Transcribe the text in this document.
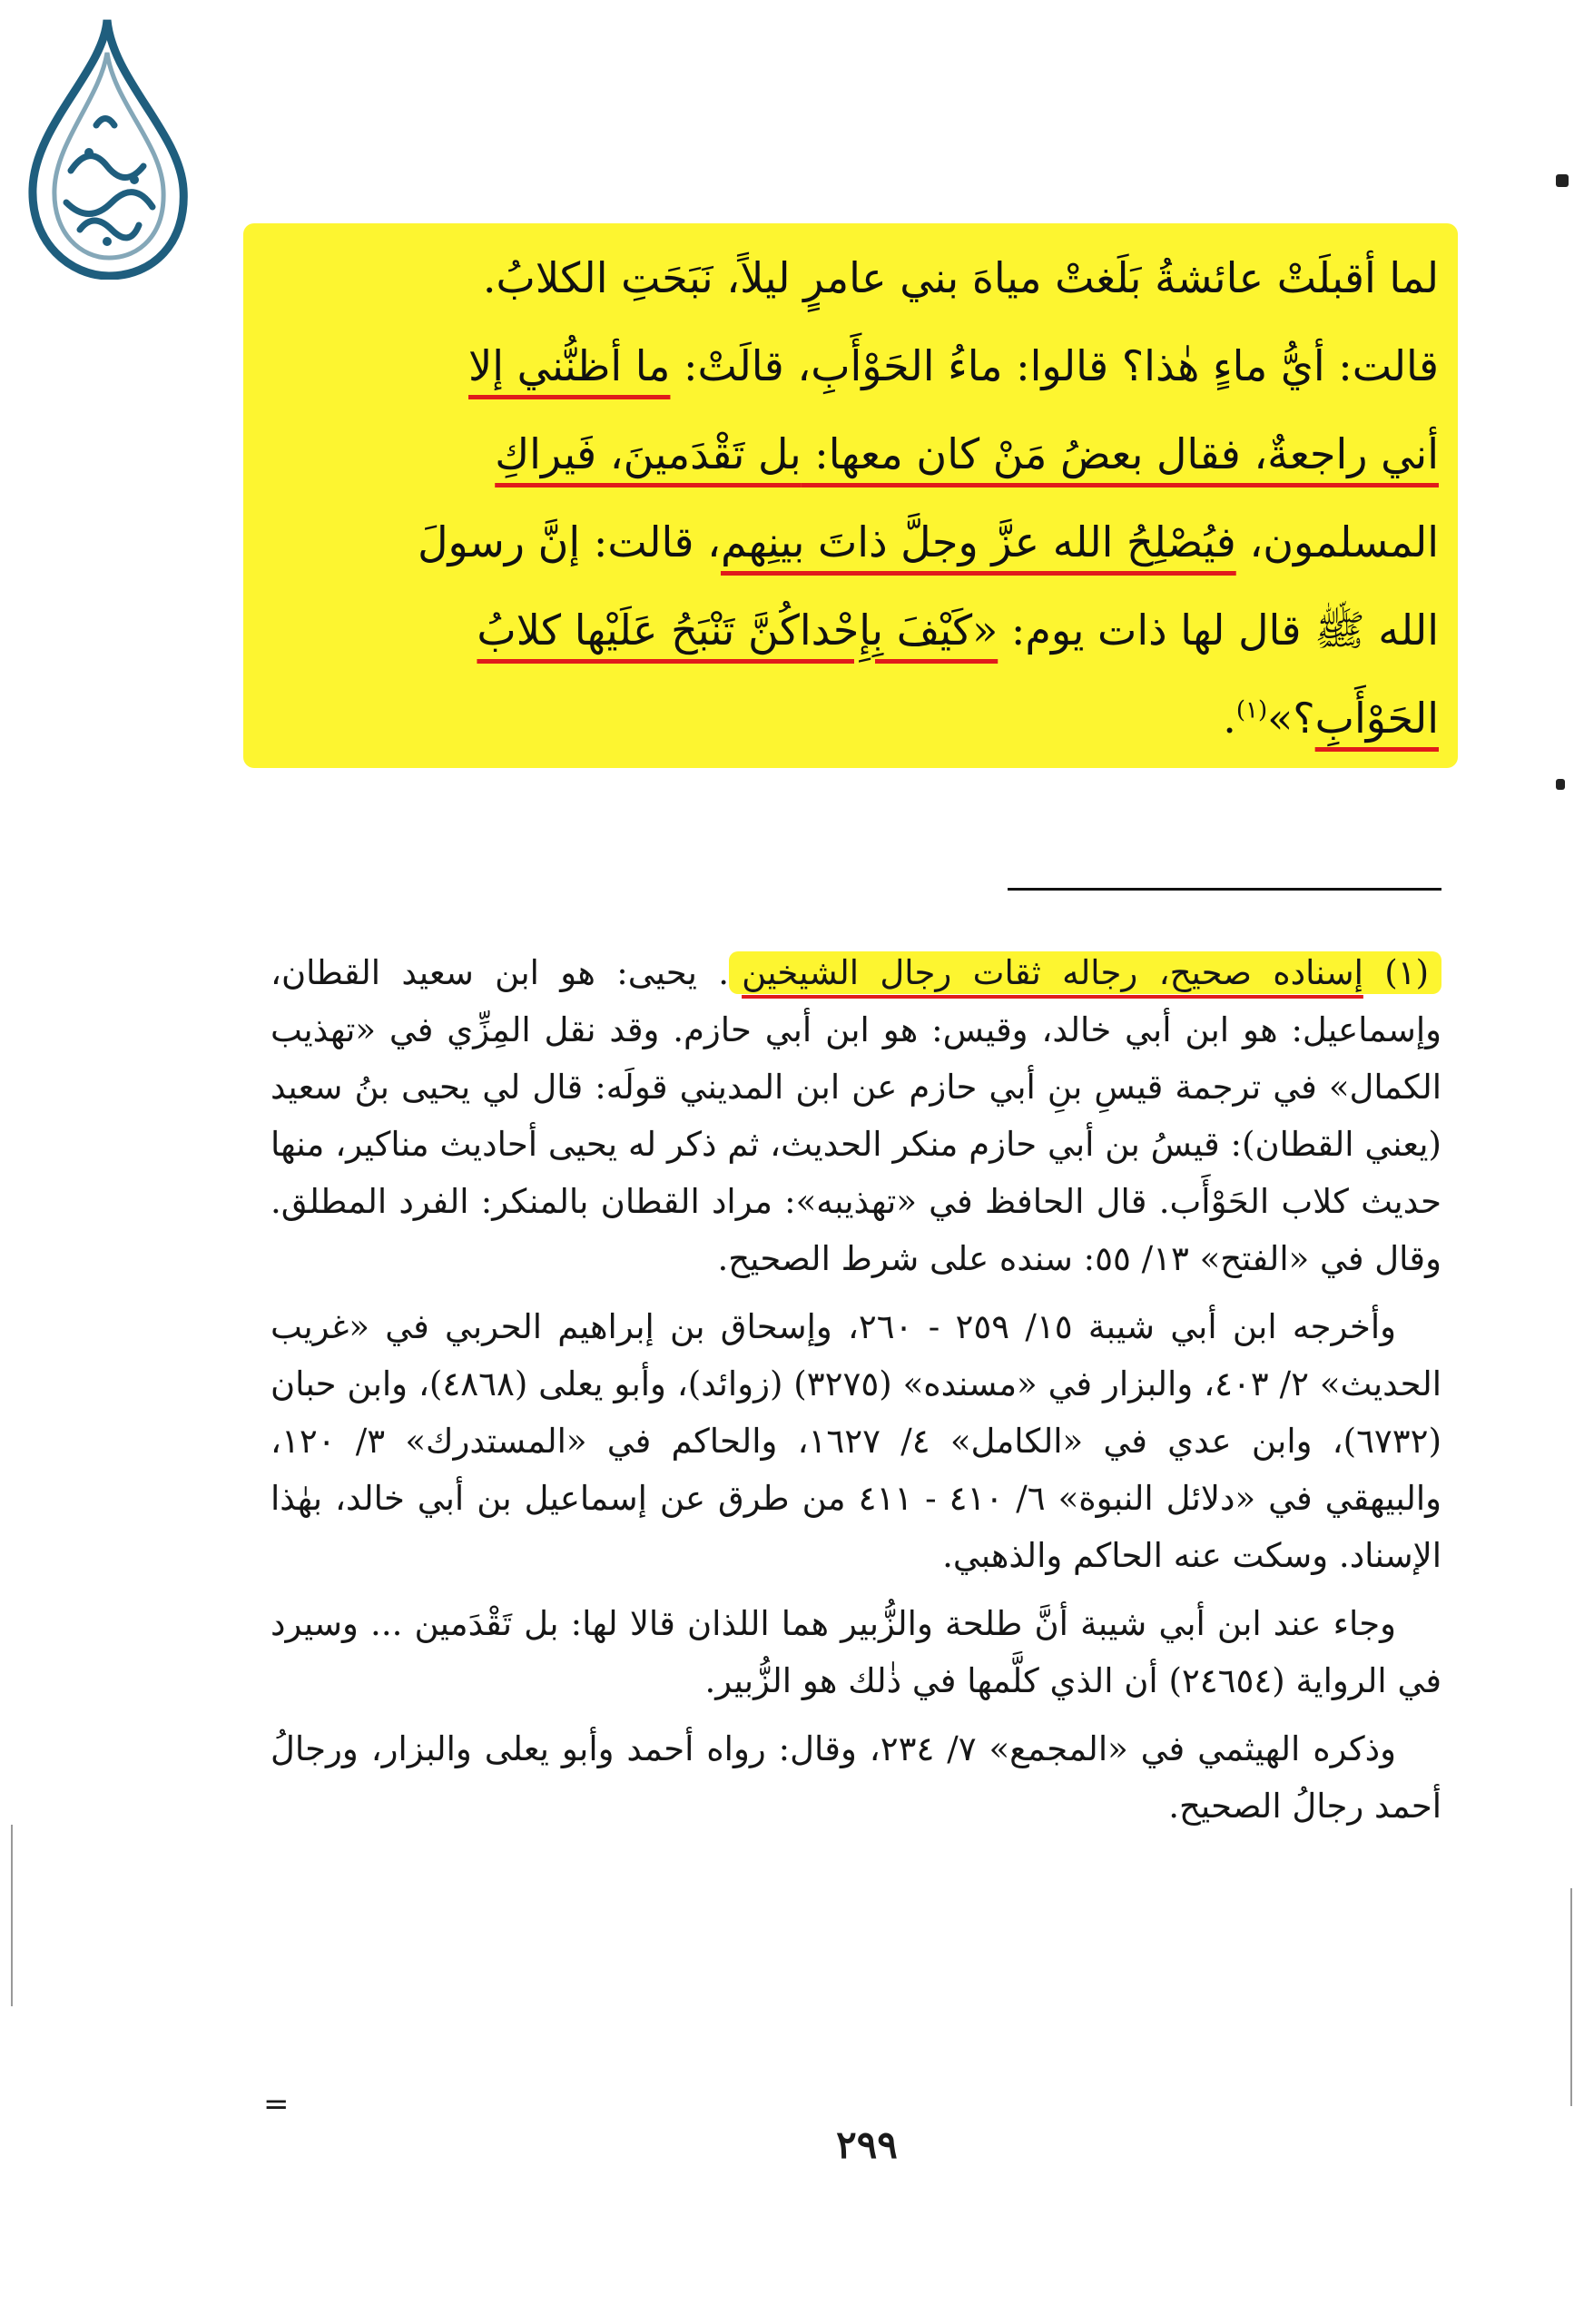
لما أقبلَتْ عائشةُ بَلَغتْ مياهَ بني عامرٍ ليلاً، نَبَحَتِ الكلابُ.
قالت: أيُّ ماءٍ هٰذا؟ قالوا: ماءُ الحَوْأَبِ، قالَتْ: ما أظنُّني إلا
أني راجعةٌ، فقال بعضُ مَنْ كان معها: بل تَقْدَمينَ، فَيراكِ
المسلمون، فيُصْلِحُ الله عزَّ وجلَّ ذاتَ بينِهم، قالت: إنَّ رسولَ
الله ﷺ قال لها ذات يوم: «كَيْفَ بِإِحْداكُنَّ تَنْبَحُ عَلَيْها كلابُ
الحَوْأَبِ؟»$^{(١)}$.

(١) إسناده صحيح، رجاله ثقات رجال الشيخين. يحيى: هو ابن سعيد القطان، وإسماعيل: هو ابن أبي خالد، وقيس: هو ابن أبي حازم. وقد نقل المِزِّي في «تهذيب الكمال» في ترجمة قيسِ بنِ أبي حازم عن ابن المديني قولَه: قال لي يحيى بنُ سعيد (يعني القطان): قيسُ بن أبي حازم منكر الحديث، ثم ذكر له يحيى أحاديث مناكير، منها حديث كلاب الحَوْأَب. قال الحافظ في «تهذيبه»: مراد القطان بالمنكر: الفرد المطلق. وقال في «الفتح» ١٣/ ٥٥: سنده على شرط الصحيح.

وأخرجه ابن أبي شيبة ١٥/ ٢٥٩ - ٢٦٠، وإسحاق بن إبراهيم الحربي في «غريب الحديث» ٢/ ٤٠٣، والبزار في «مسنده» (٣٢٧٥) (زوائد)، وأبو يعلى (٤٨٦٨)، وابن حبان (٦٧٣٢)، وابن عدي في «الكامل» ٤/ ١٦٢٧، والحاكم في «المستدرك» ٣/ ١٢٠، والبيهقي في «دلائل النبوة» ٦/ ٤١٠ - ٤١١ من طرق عن إسماعيل بن أبي خالد، بهٰذا الإسناد. وسكت عنه الحاكم والذهبي.

وجاء عند ابن أبي شيبة أنَّ طلحة والزُّبير هما اللذان قالا لها: بل تَقْدَمين ... وسيرد في الرواية (٢٤٦٥٤) أن الذي كلَّمها في ذٰلك هو الزُّبير.

وذكره الهيثمي في «المجمع» ٧/ ٢٣٤، وقال: رواه أحمد وأبو يعلى والبزار، ورجالُ أحمد رجالُ الصحيح.

=
٢٩٩
